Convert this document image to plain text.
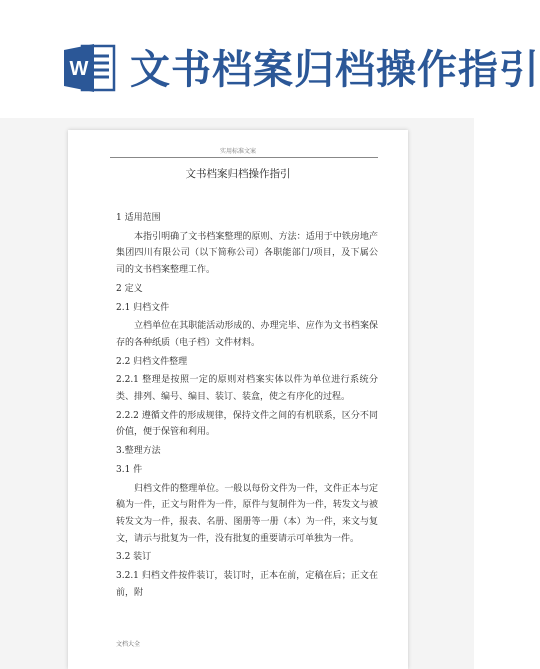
W 文书档案归档操作指引
实用标准文案
文书档案归档操作指引

1 适用范围

本指引明确了文书档案整理的原则、方法：适用于中铁房地产集团四川有限公司（以下简称公司）各职能部门/项目，及下属公司的文书档案整理工作。

2 定义

2.1 归档文件

立档单位在其职能活动形成的、办理完毕、应作为文书档案保存的各种纸质（电子档）文件材料。

2.2 归档文件整理

2.2.1 整理是按照一定的原则对档案实体以件为单位进行系统分类、排列、编号、编目、装订、装盒，使之有序化的过程。

2.2.2 遵循文件的形成规律，保持文件之间的有机联系，区分不同价值，便于保管和利用。

3.整理方法

3.1 件

归档文件的整理单位。一般以每份文件为一件，文件正本与定稿为一件，正文与附件为一件，原件与复制件为一件，转发文与被转发文为一件，报表、名册、图册等一册（本）为一件，来文与复文，请示与批复为一件，没有批复的重要请示可单独为一件。

3.2 装订

3.2.1 归档文件按件装订，装订时，正本在前，定稿在后；正文在前，附

文档大全
